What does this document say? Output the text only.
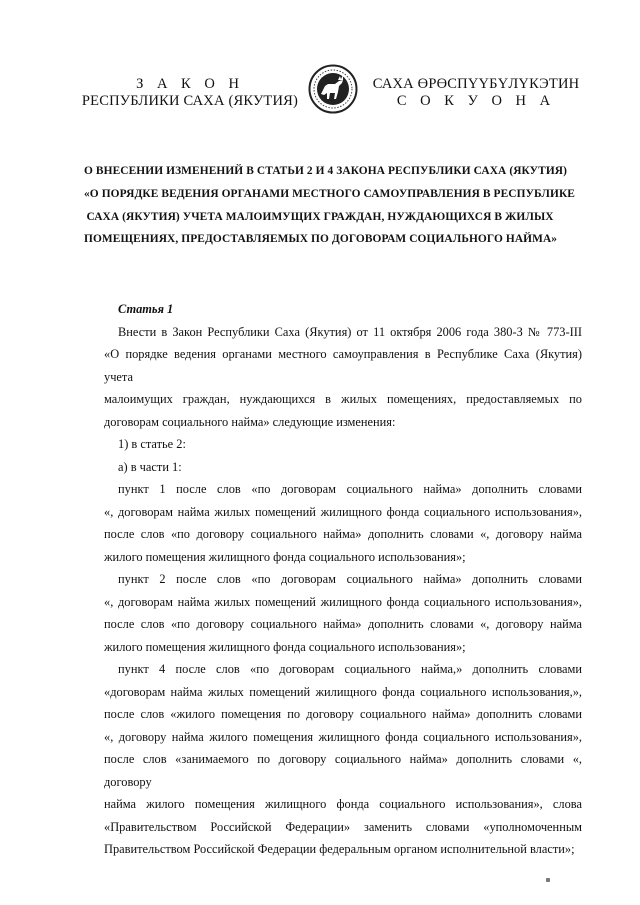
З А К О Н
РЕСПУБЛИКИ САХА (ЯКУТИЯ)
САХА ӨРӨСПҮҮБҮЛҮКЭТИН
С О К У О Н А
О ВНЕСЕНИИ ИЗМЕНЕНИЙ В СТАТЬИ 2 И 4 ЗАКОНА РЕСПУБЛИКИ САХА (ЯКУТИЯ)
«О ПОРЯДКЕ ВЕДЕНИЯ ОРГАНАМИ МЕСТНОГО САМОУПРАВЛЕНИЯ В РЕСПУБЛИКЕ
САХА (ЯКУТИЯ) УЧЕТА МАЛОИМУЩИХ ГРАЖДАН, НУЖДАЮЩИХСЯ В ЖИЛЫХ
ПОМЕЩЕНИЯХ, ПРЕДОСТАВЛЯЕМЫХ ПО ДОГОВОРАМ СОЦИАЛЬНОГО НАЙМА»
Статья 1
Внести в Закон Республики Саха (Якутия) от 11 октября 2006 года 380-З № 773-III
«О порядке ведения органами местного самоуправления в Республике Саха (Якутия) учета
малоимущих граждан, нуждающихся в жилых помещениях, предоставляемых по
договорам социального найма» следующие изменения:
1) в статье 2:
а) в части 1:
пункт 1 после слов «по договорам социального найма» дополнить словами
«, договорам найма жилых помещений жилищного фонда социального использования»,
после слов «по договору социального найма» дополнить словами «, договору найма
жилого помещения жилищного фонда социального использования»;
пункт 2 после слов «по договорам социального найма» дополнить словами
«, договорам найма жилых помещений жилищного фонда социального использования»,
после слов «по договору социального найма» дополнить словами «, договору найма
жилого помещения жилищного фонда социального использования»;
пункт 4 после слов «по договорам социального найма,» дополнить словами
«договорам найма жилых помещений жилищного фонда социального использования,»,
после слов «жилого помещения по договору социального найма» дополнить словами
«, договору найма жилого помещения жилищного фонда социального использования»,
после слов «занимаемого по договору социального найма» дополнить словами «, договору
найма жилого помещения жилищного фонда социального использования», слова
«Правительством Российской Федерации» заменить словами «уполномоченным
Правительством Российской Федерации федеральным органом исполнительной власти»;
